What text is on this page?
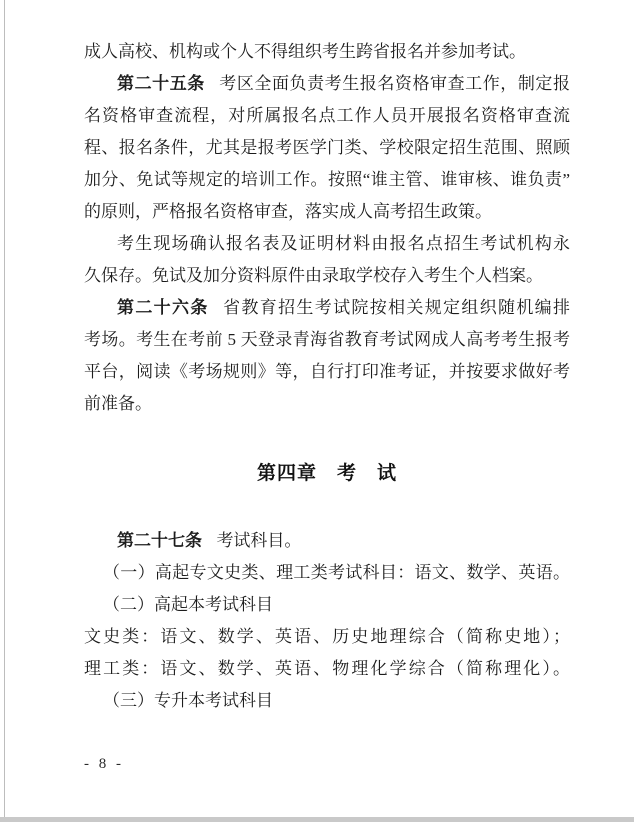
成人高校、机构或个人不得组织考生跨省报名并参加考试。
第二十五条 考区全面负责考生报名资格审查工作，制定报
名资格审查流程，对所属报名点工作人员开展报名资格审查流
程、报名条件，尤其是报考医学门类、学校限定招生范围、照顾
加分、免试等规定的培训工作。按照“谁主管、谁审核、谁负责”
的原则，严格报名资格审查，落实成人高考招生政策。
考生现场确认报名表及证明材料由报名点招生考试机构永
久保存。免试及加分资料原件由录取学校存入考生个人档案。
第二十六条 省教育招生考试院按相关规定组织随机编排
考场。考生在考前 5 天登录青海省教育考试网成人高考考生报考
平台，阅读《考场规则》等，自行打印准考证，并按要求做好考
前准备。
第四章　考　试
第二十七条 考试科目。
（一）高起专文史类、理工类考试科目：语文、数学、英语。
（二）高起本考试科目
文史类：语文、数学、英语、历史地理综合（简称史地）；
理工类：语文、数学、英语、物理化学综合（简称理化）。
（三）专升本考试科目
- 8 -
